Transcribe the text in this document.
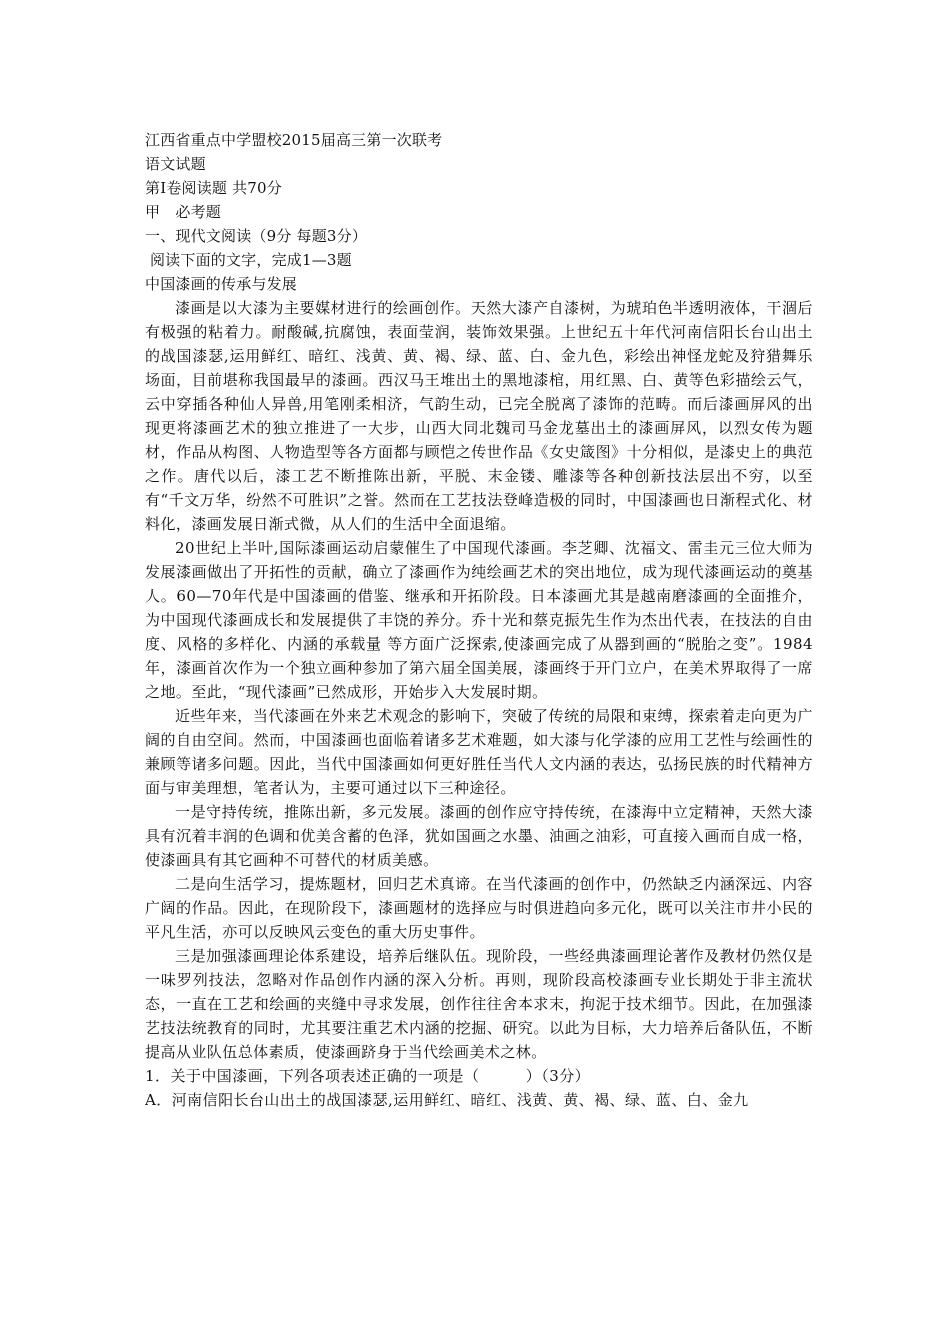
江西省重点中学盟校2015届高三第一次联考
语文试题
第Ⅰ卷阅读题 共70分
甲　必考题
一、现代文阅读（9分 每题3分）
阅读下面的文字，完成1—3题
中国漆画的传承与发展

漆画是以大漆为主要媒材进行的绘画创作。天然大漆产自漆树，为琥珀色半透明液体，干涸后有极强的粘着力。耐酸碱,抗腐蚀，表面莹润，装饰效果强。上世纪五十年代河南信阳长台山出土的战国漆瑟,运用鲜红、暗红、浅黄、黄、褐、绿、蓝、白、金九色，彩绘出神怪龙蛇及狩猎舞乐场面，目前堪称我国最早的漆画。西汉马王堆出土的黑地漆棺，用红黑、白、黄等色彩描绘云气，云中穿插各种仙人异兽,用笔刚柔相济，气韵生动，已完全脱离了漆饰的范畴。而后漆画屏风的出现更将漆画艺术的独立推进了一大步，山西大同北魏司马金龙墓出土的漆画屏风，以烈女传为题材，作品从构图、人物造型等各方面都与顾恺之传世作品《女史箴图》十分相似，是漆史上的典范之作。唐代以后，漆工艺不断推陈出新，平脱、末金镂、雕漆等各种创新技法层出不穷，以至有“千文万华，纷然不可胜识”之誉。然而在工艺技法登峰造极的同时，中国漆画也日渐程式化、材料化，漆画发展日渐式微，从人们的生活中全面退缩。

20世纪上半叶,国际漆画运动启蒙催生了中国现代漆画。李芝卿、沈福文、雷圭元三位大师为发展漆画做出了开拓性的贡献，确立了漆画作为纯绘画艺术的突出地位，成为现代漆画运动的奠基人。60—70年代是中国漆画的借鉴、继承和开拓阶段。日本漆画尤其是越南磨漆画的全面推介，为中国现代漆画成长和发展提供了丰饶的养分。乔十光和蔡克振先生作为杰出代表，在技法的自由度、风格的多样化、内涵的承载量 等方面广泛探索,使漆画完成了从器到画的“脱胎之变”。1984年，漆画首次作为一个独立画种参加了第六届全国美展，漆画终于开门立户，在美术界取得了一席之地。至此，“现代漆画”已然成形，开始步入大发展时期。

近些年来，当代漆画在外来艺术观念的影响下，突破了传统的局限和束缚，探索着走向更为广阔的自由空间。然而，中国漆画也面临着诸多艺术难题，如大漆与化学漆的应用工艺性与绘画性的兼顾等诸多问题。因此，当代中国漆画如何更好胜任当代人文内涵的表达，弘扬民族的时代精神方面与审美理想，笔者认为，主要可通过以下三种途径。

一是守持传统，推陈出新，多元发展。漆画的创作应守持传统，在漆海中立定精神，天然大漆具有沉着丰润的色调和优美含蓄的色泽，犹如国画之水墨、油画之油彩，可直接入画而自成一格，使漆画具有其它画种不可替代的材质美感。

二是向生活学习，提炼题材，回归艺术真谛。在当代漆画的创作中，仍然缺乏内涵深远、内容广阔的作品。因此，在现阶段下，漆画题材的选择应与时俱进趋向多元化，既可以关注市井小民的平凡生活，亦可以反映风云变色的重大历史事件。

三是加强漆画理论体系建设，培养后继队伍。现阶段，一些经典漆画理论著作及教材仍然仅是一味罗列技法，忽略对作品创作内涵的深入分析。再则，现阶段高校漆画专业长期处于非主流状态，一直在工艺和绘画的夹缝中寻求发展，创作往往舍本求末，拘泥于技术细节。因此，在加强漆艺技法统教育的同时，尤其要注重艺术内涵的挖掘、研究。以此为目标，大力培养后备队伍，不断提高从业队伍总体素质，使漆画跻身于当代绘画美术之林。

1．关于中国漆画，下列各项表述正确的一项是（　　　）（3分）

A．河南信阳长台山出土的战国漆瑟,运用鲜红、暗红、浅黄、黄、褐、绿、蓝、白、金九
